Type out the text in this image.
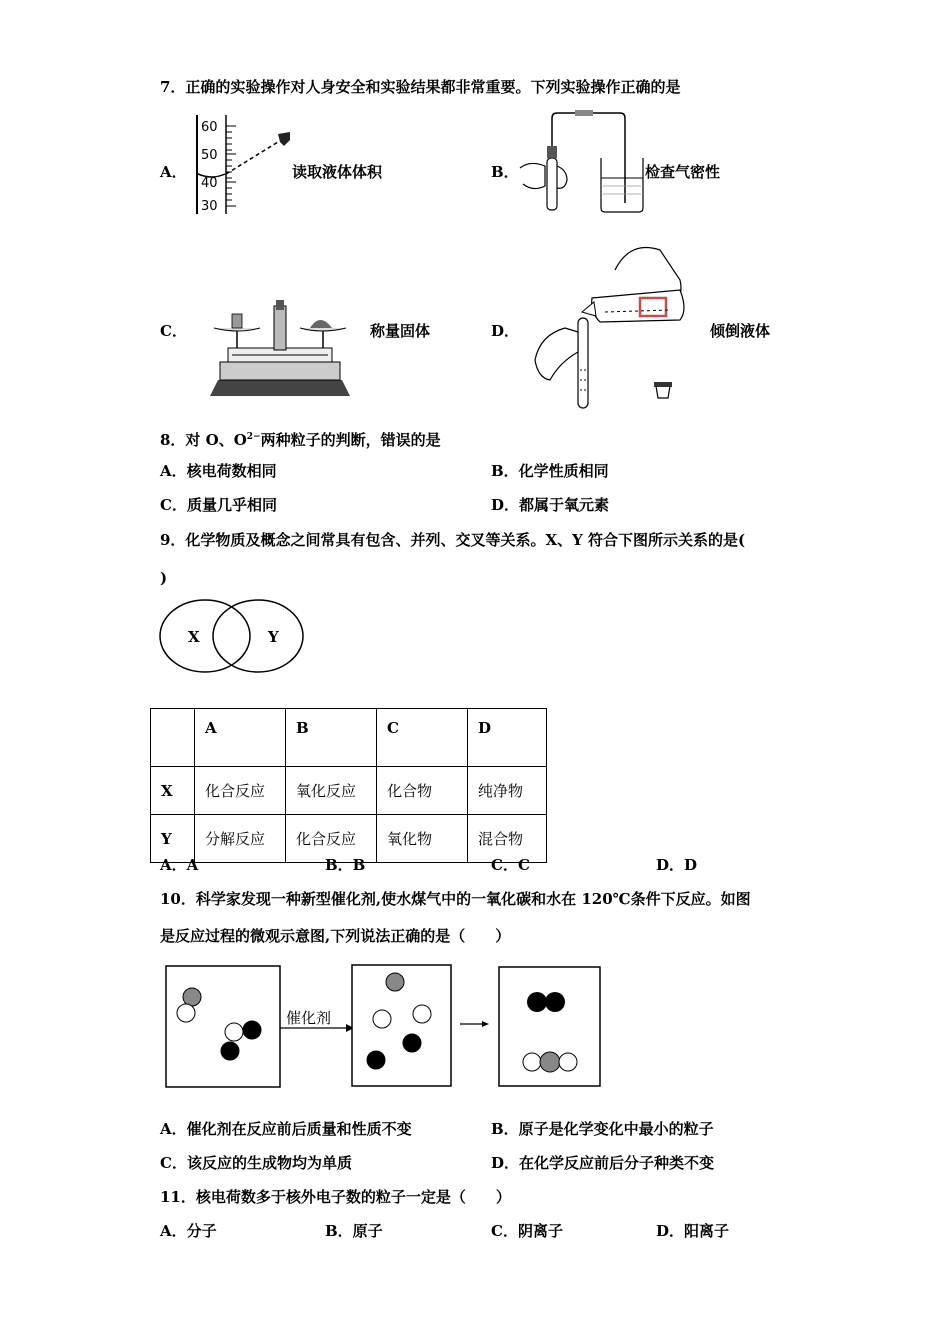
7．正确的实验操作对人身安全和实验结果都非常重要。下列实验操作正确的是
A．
60
50
40
30
读取液体体积	B．	检查气密性
C．	称量固体	D．	倾倒液体
8．对 O、$O^{2-}$两种粒子的判断，错误的是
A．核电荷数相同	B．化学性质相同
C．质量几乎相同	D．都属于氧元素
9．化学物质及概念之间常具有包含、并列、交叉等关系。X、Y 符合下图所示关系的是(
)
X	Y
	A	B	C	D
X	化合反应	氧化反应	化合物	纯净物
Y	分解反应	化合反应	氧化物	混合物
A．A	B．B	C．C	D．D
10．科学家发现一种新型催化剂,使水煤气中的一氧化碳和水在 120℃条件下反应。如图
是反应过程的微观示意图,下列说法正确的是（　　）
催化剂
A．催化剂在反应前后质量和性质不变	B．原子是化学变化中最小的粒子
C．该反应的生成物均为单质	D．在化学反应前后分子种类不变
11．核电荷数多于核外电子数的粒子一定是（　　）
A．分子	B．原子	C．阴离子	D．阳离子
